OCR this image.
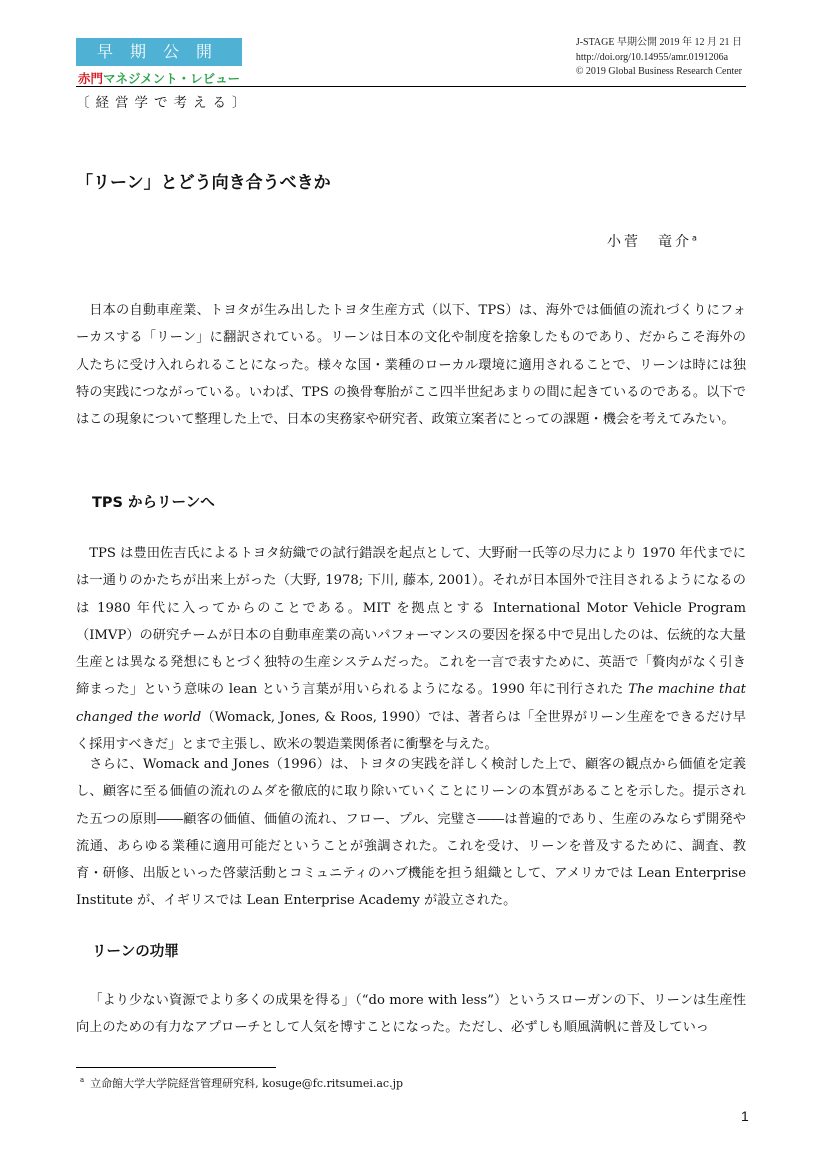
早期公開
赤門マネジメント・レビュー
J-STAGE 早期公開 2019 年 12 月 21 日
http://doi.org/10.14955/amr.0191206a
© 2019 Global Business Research Center
〔経営学で考える〕
「リーン」とどう向き合うべきか
小菅　竜介$^a$

日本の自動車産業、トヨタが生み出したトヨタ生産方式（以下、TPS）は、海外では価値の流れづくりにフォーカスする「リーン」に翻訳されている。リーンは日本の文化や制度を捨象したものであり、だからこそ海外の人たちに受け入れられることになった。様々な国・業種のローカル環境に適用されることで、リーンは時には独特の実践につながっている。いわば、TPS の換骨奪胎がここ四半世紀あまりの間に起きているのである。以下ではこの現象について整理した上で、日本の実務家や研究者、政策立案者にとっての課題・機会を考えてみたい。

TPS からリーンへ

TPS は豊田佐吉氏によるトヨタ紡織での試行錯誤を起点として、大野耐一氏等の尽力により 1970 年代までには一通りのかたちが出来上がった（大野, 1978; 下川, 藤本, 2001）。それが日本国外で注目されるようになるのは 1980 年代に入ってからのことである。MIT を拠点とする International Motor Vehicle Program（IMVP）の研究チームが日本の自動車産業の高いパフォーマンスの要因を探る中で見出したのは、伝統的な大量生産とは異なる発想にもとづく独特の生産システムだった。これを一言で表すために、英語で「贅肉がなく引き締まった」という意味の lean という言葉が用いられるようになる。1990 年に刊行された The machine that changed the world（Womack, Jones, & Roos, 1990）では、著者らは「全世界がリーン生産をできるだけ早く採用すべきだ」とまで主張し、欧米の製造業関係者に衝撃を与えた。

さらに、Womack and Jones（1996）は、トヨタの実践を詳しく検討した上で、顧客の観点から価値を定義し、顧客に至る価値の流れのムダを徹底的に取り除いていくことにリーンの本質があることを示した。提示された五つの原則――顧客の価値、価値の流れ、フロー、プル、完璧さ――は普遍的であり、生産のみならず開発や流通、あらゆる業種に適用可能だということが強調された。これを受け、リーンを普及するために、調査、教育・研修、出版といった啓蒙活動とコミュニティのハブ機能を担う組織として、アメリカでは Lean Enterprise Institute が、イギリスでは Lean Enterprise Academy が設立された。

リーンの功罪

「より少ない資源でより多くの成果を得る」（“do more with less”）というスローガンの下、リーンは生産性向上のための有力なアプローチとして人気を博すことになった。ただし、必ずしも順風満帆に普及していっ

$^a$ 立命館大学大学院経営管理研究科, kosuge@fc.ritsumei.ac.jp
1
